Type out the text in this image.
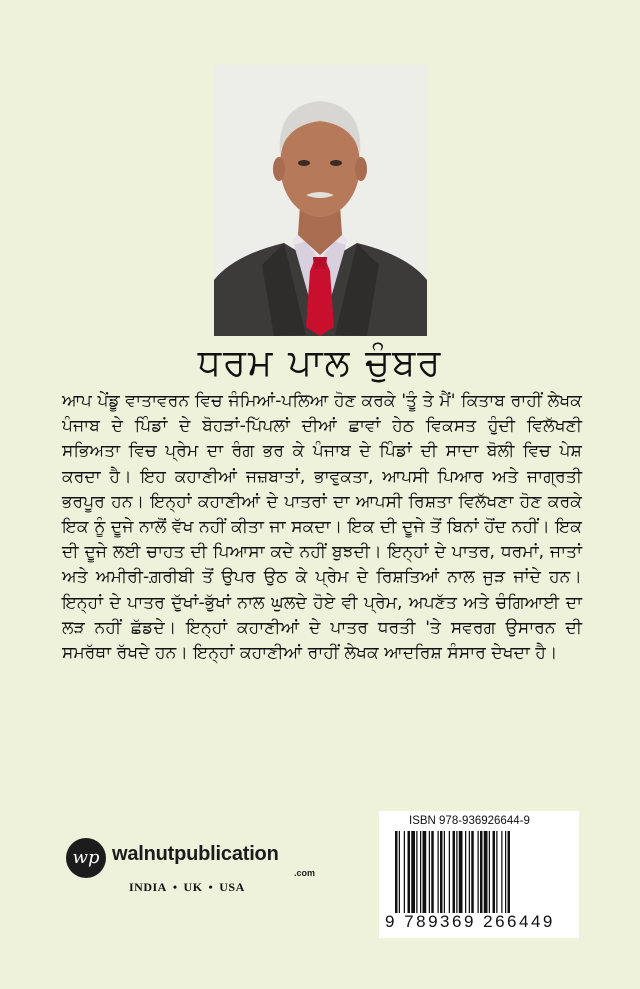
ਧਰਮ ਪਾਲ ਚੁੰਬਰ
ਆਪ ਪੇਂਡੂ ਵਾਤਾਵਰਨ ਵਿਚ ਜੰਮਿਆਂ-ਪਲਿਆ ਹੋਣ ਕਰਕੇ 'ਤੂੰ ਤੇ ਮੈਂ' ਕਿਤਾਬ ਰਾਹੀਂ ਲੇਖਕ ਪੰਜਾਬ ਦੇ ਪਿੰਡਾਂ ਦੇ ਬੋਹੜਾਂ-ਪਿੱਪਲਾਂ ਦੀਆਂ ਛਾਵਾਂ ਹੇਠ ਵਿਕਸਤ ਹੁੰਦੀ ਵਿਲੱਖਣੀ ਸਭਿਅਤਾ ਵਿਚ ਪ੍ਰੇਮ ਦਾ ਰੰਗ ਭਰ ਕੇ ਪੰਜਾਬ ਦੇ ਪਿੰਡਾਂ ਦੀ ਸਾਦਾ ਬੋਲੀ ਵਿਚ ਪੇਸ਼ ਕਰਦਾ ਹੈ। ਇਹ ਕਹਾਣੀਆਂ ਜਜ਼ਬਾਤਾਂ, ਭਾਵੁਕਤਾ, ਆਪਸੀ ਪਿਆਰ ਅਤੇ ਜਾਗ੍ਰਤੀ ਭਰਪੂਰ ਹਨ। ਇਨ੍ਹਾਂ ਕਹਾਣੀਆਂ ਦੇ ਪਾਤਰਾਂ ਦਾ ਆਪਸੀ ਰਿਸ਼ਤਾ ਵਿਲੱਖਣਾ ਹੋਣ ਕਰਕੇ ਇਕ ਨੂੰ ਦੂਜੇ ਨਾਲੋਂ ਵੱਖ ਨਹੀਂ ਕੀਤਾ ਜਾ ਸਕਦਾ। ਇਕ ਦੀ ਦੂਜੇ ਤੋਂ ਬਿਨਾਂ ਹੋਂਦ ਨਹੀਂ। ਇਕ ਦੀ ਦੂਜੇ ਲਈ ਚਾਹਤ ਦੀ ਪਿਆਸਾ ਕਦੇ ਨਹੀਂ ਬੁਝਦੀ। ਇਨ੍ਹਾਂ ਦੇ ਪਾਤਰ, ਧਰਮਾਂ, ਜਾਤਾਂ ਅਤੇ ਅਮੀਰੀ-ਗ਼ਰੀਬੀ ਤੋਂ ਉਪਰ ਉਠ ਕੇ ਪ੍ਰੇਮ ਦੇ ਰਿਸ਼ਤਿਆਂ ਨਾਲ ਜੁੜ ਜਾਂਦੇ ਹਨ। ਇਨ੍ਹਾਂ ਦੇ ਪਾਤਰ ਦੁੱਖਾਂ-ਭੁੱਖਾਂ ਨਾਲ ਘੁਲਦੇ ਹੋਏ ਵੀ ਪ੍ਰੇਮ, ਅਪਣੱਤ ਅਤੇ ਚੰਗਿਆਈ ਦਾ ਲੜ ਨਹੀਂ ਛੱਡਦੇ। ਇਨ੍ਹਾਂ ਕਹਾਣੀਆਂ ਦੇ ਪਾਤਰ ਧਰਤੀ 'ਤੇ ਸਵਰਗ ਉਸਾਰਨ ਦੀ ਸਮਰੱਥਾ ਰੱਖਦੇ ਹਨ। ਇਨ੍ਹਾਂ ਕਹਾਣੀਆਂ ਰਾਹੀਂ ਲੇਖਕ ਆਦਰਿਸ਼ ਸੰਸਾਰ ਦੇਖਦਾ ਹੈ।
wp walnutpublication
.com
INDIA • UK • USA
ISBN 978-936926644-9
9 789369 266449
